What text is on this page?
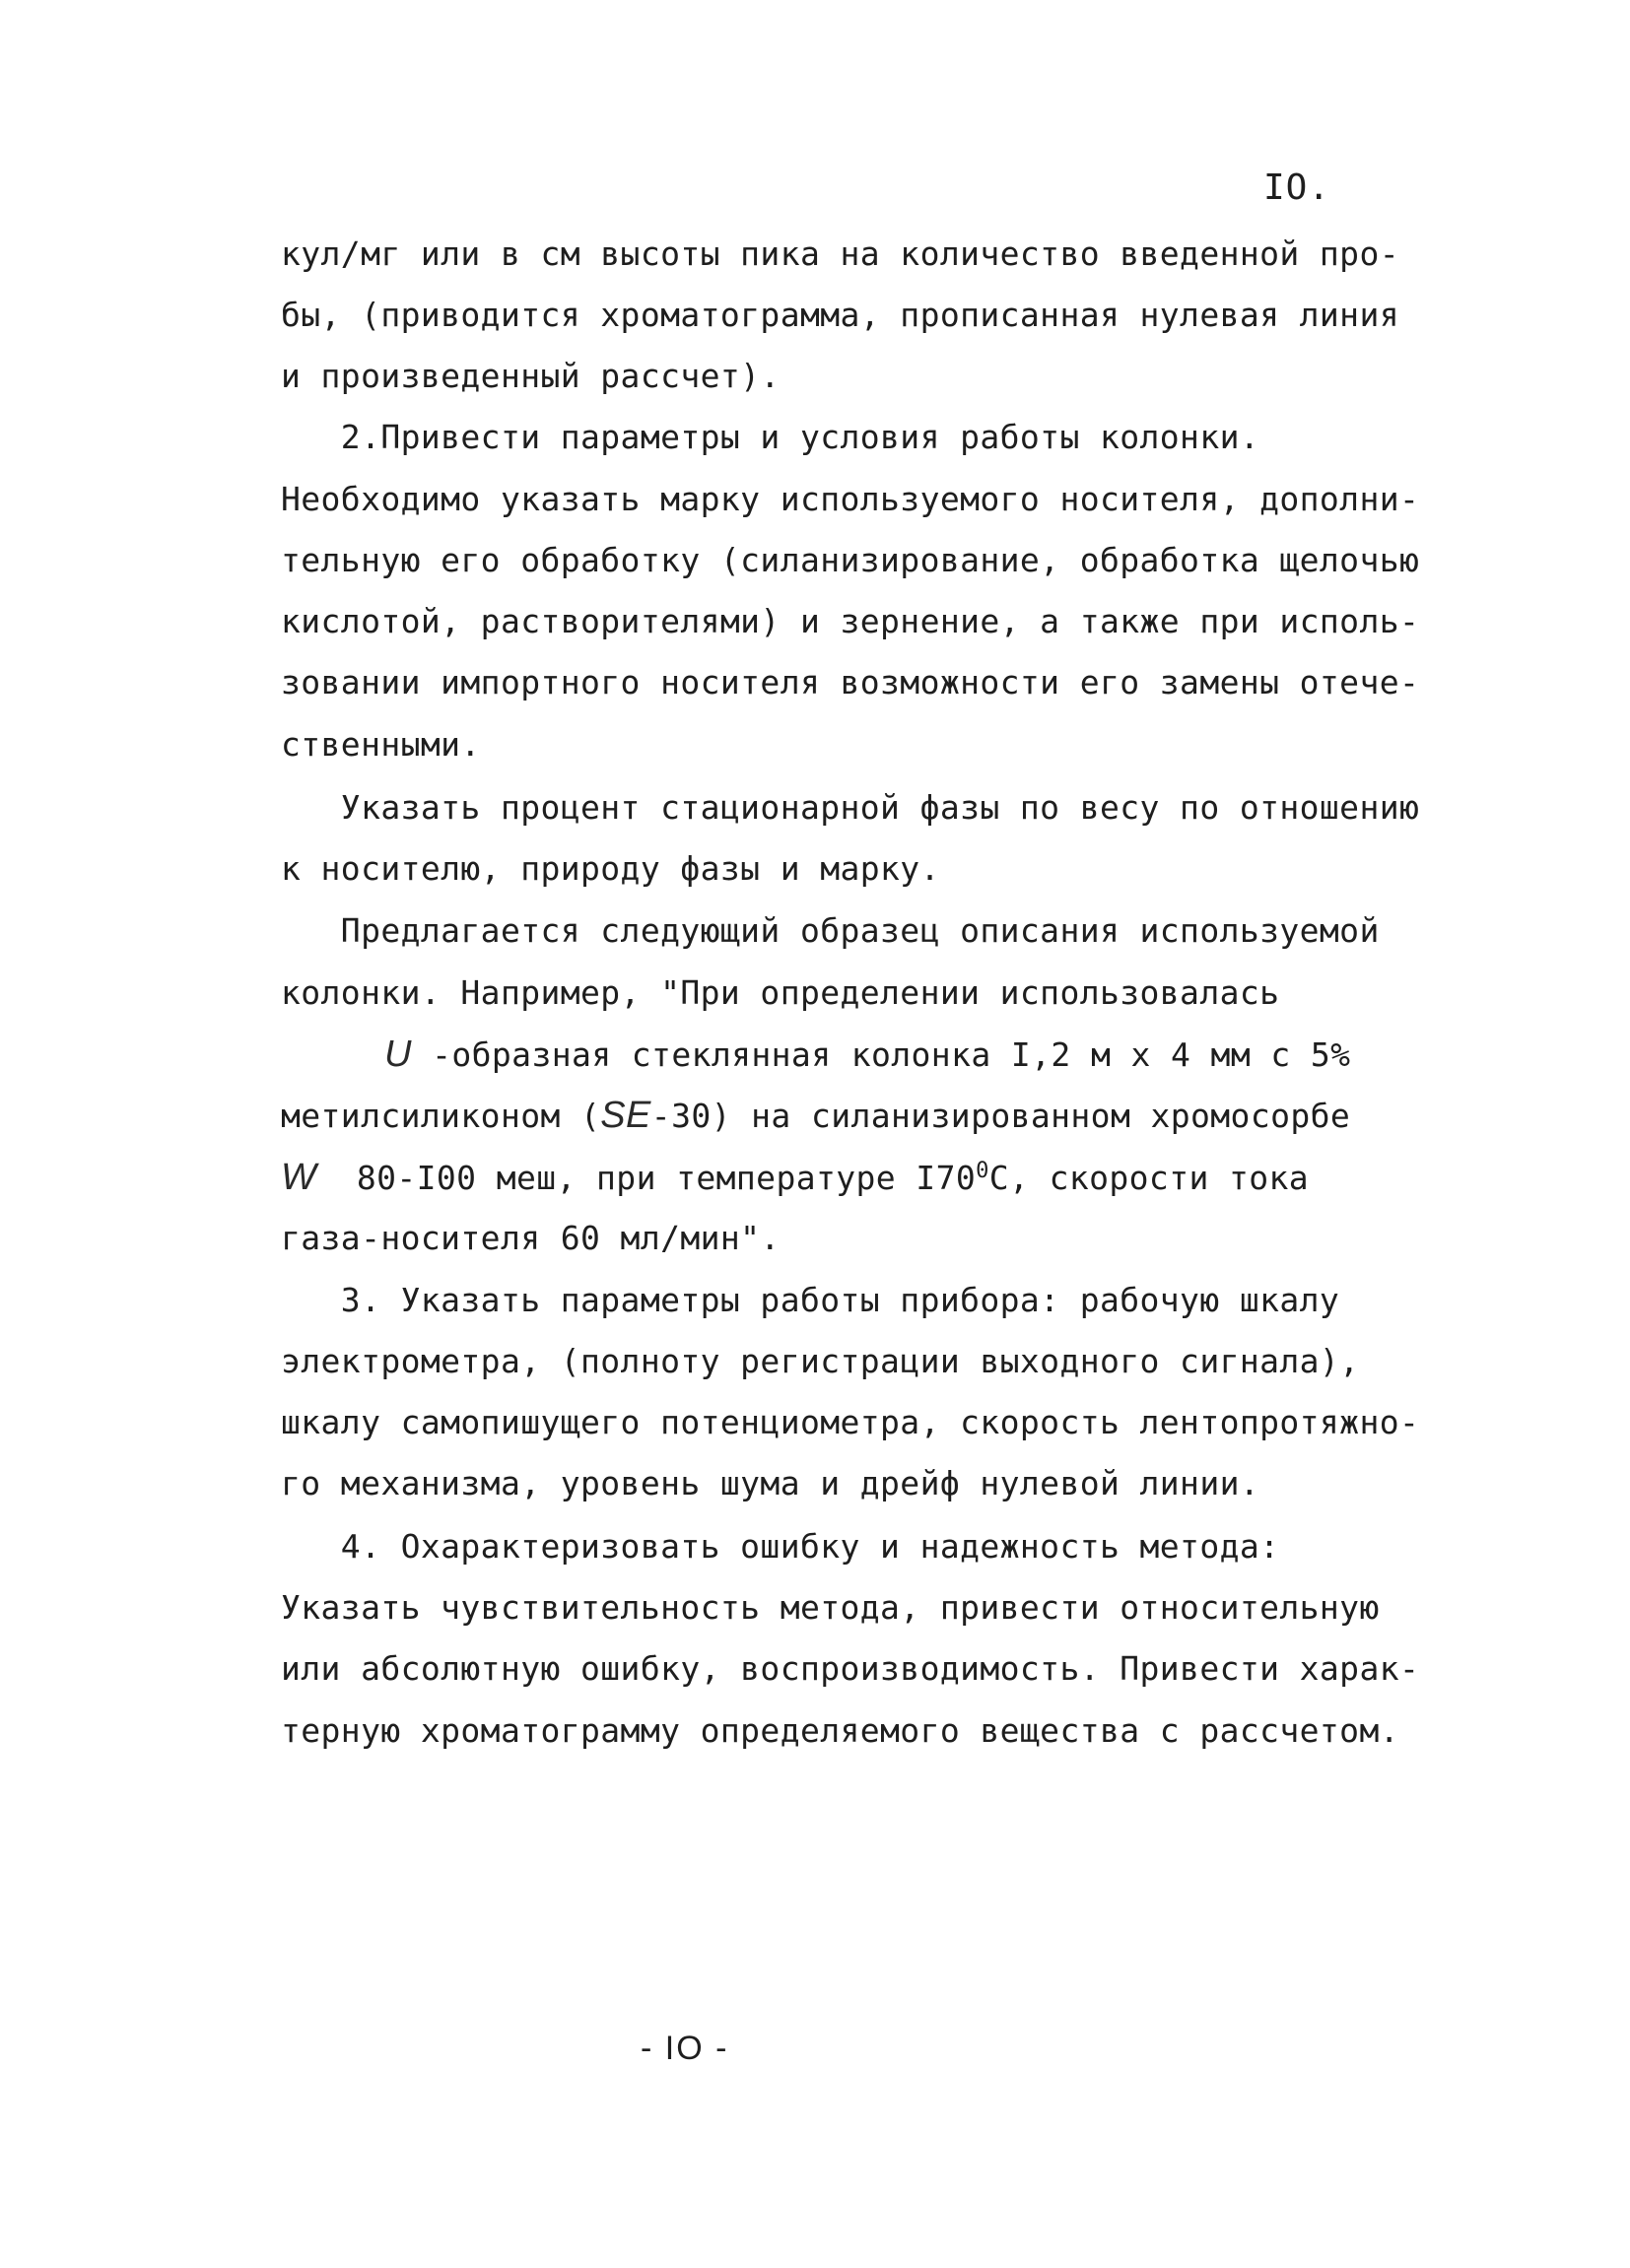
IO.
кул/мг или в см высоты пика на количество введенной про-
бы, (приводится хроматограмма, прописанная нулевая линия
и произведенный рассчет).
2.Привести параметры и условия работы колонки.
Необходимо указать марку используемого носителя, дополни-
тельную его обработку (силанизирование, обработка щелочью
кислотой, растворителями) и зернение, а также при исполь-
зовании импортного носителя возможности его замены отече-
ственными.
Указать процент стационарной фазы по весу по отношению
к носителю, природу фазы и марку.
Предлагается следующий образец описания используемой
колонки. Например, "При определении использовалась
U -образная стеклянная колонка I,2 м х 4 мм с 5%
метилсиликоном (SE-30) на силанизированном хромосорбе
W  80-I00 меш, при температуре $I70^0С$, скорости тока
газа-носителя 60 мл/мин".
3. Указать параметры работы прибора: рабочую шкалу
электрометра, (полноту регистрации выходного сигнала),
шкалу самопишущего потенциометра, скорость лентопротяжно-
го механизма, уровень шума и дрейф нулевой линии.
4. Охарактеризовать ошибку и надежность метода:
Указать чувствительность метода, привести относительную
или абсолютную ошибку, воспроизводимость. Привести харак-
терную хроматограмму определяемого вещества с рассчетом.
- IO -
